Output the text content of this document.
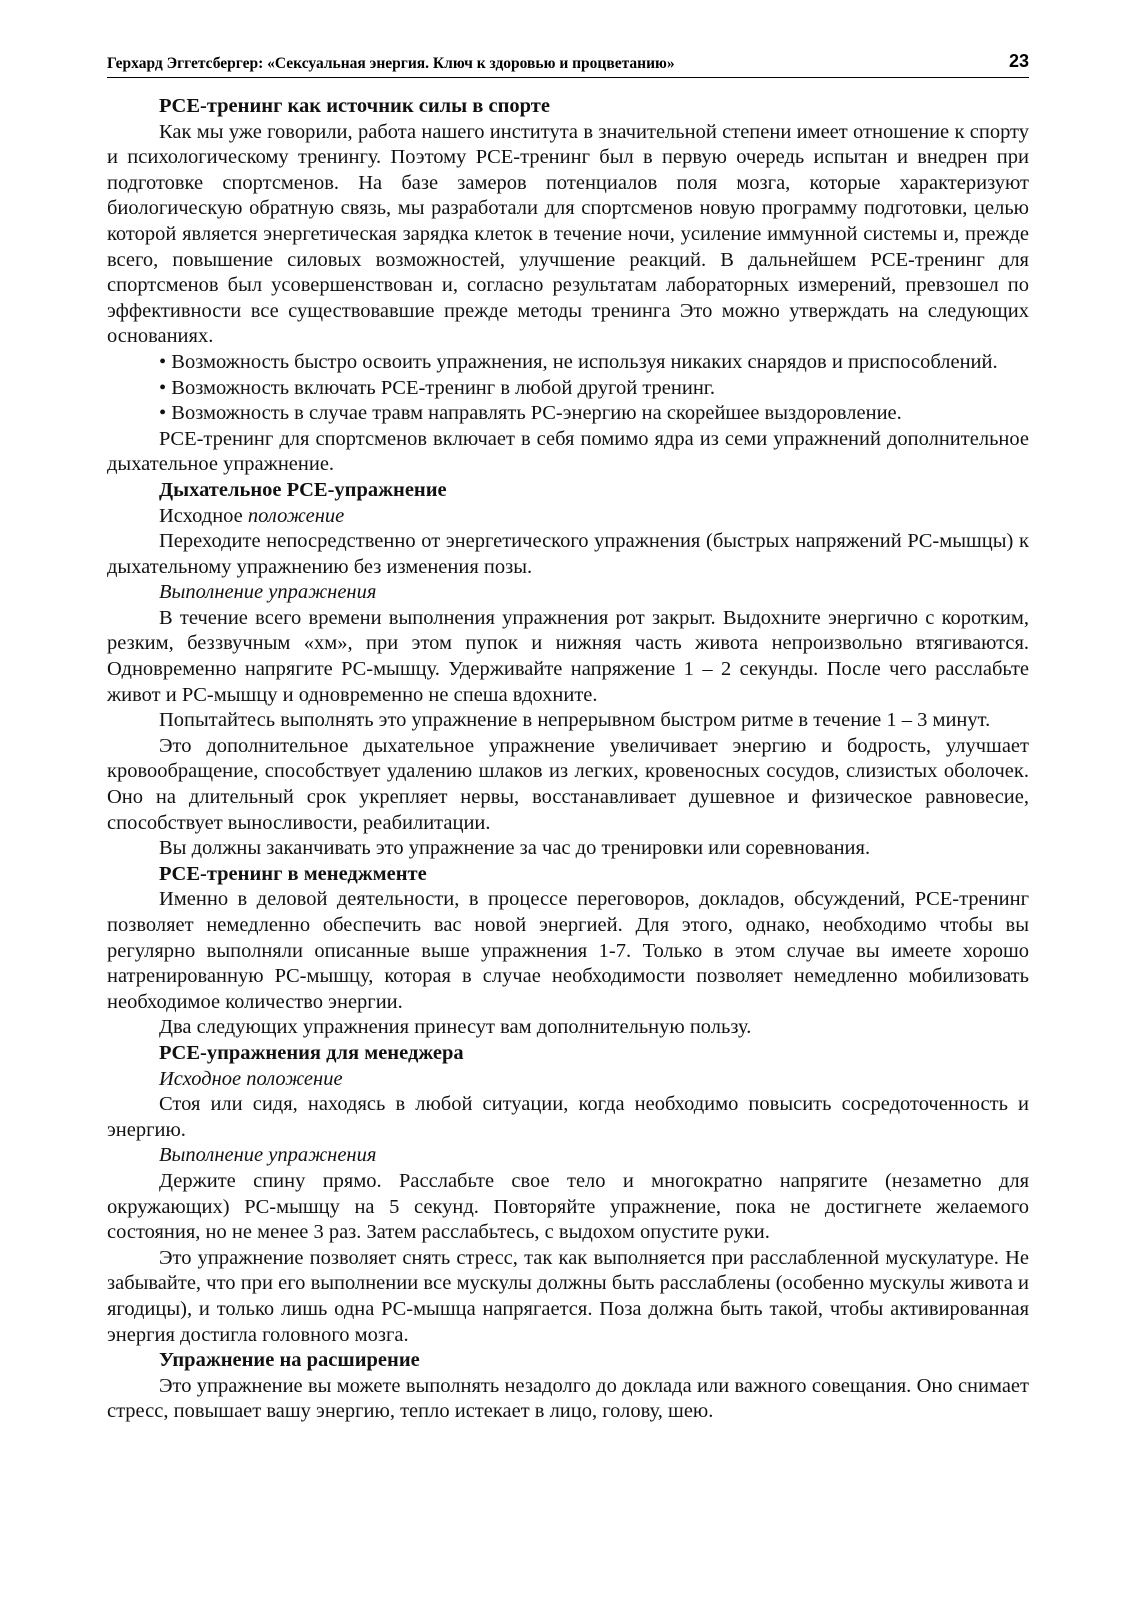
Герхард Эггетсбергер: «Сексуальная энергия. Ключ к здоровью и процветанию»	23
PCE-тренинг как источник силы в спорте

Как мы уже говорили, работа нашего института в значительной степени имеет отношение к спорту и психологическому тренингу. Поэтому PCE-тренинг был в первую очередь испытан и внедрен при подготовке спортсменов. На базе замеров потенциалов поля мозга, которые характеризуют биологическую обратную связь, мы разработали для спортсменов новую программу подготовки, целью которой является энергетическая зарядка клеток в течение ночи, усиление иммунной системы и, прежде всего, повышение силовых возможностей, улучшение реакций. В дальнейшем PCE-тренинг для спортсменов был усовершенствован и, согласно результатам лабораторных измерений, превзошел по эффективности все существовавшие прежде методы тренинга Это можно утверждать на следующих основаниях.

• Возможность быстро освоить упражнения, не используя никаких снарядов и приспособлений.

• Возможность включать PCE-тренинг в любой другой тренинг.

• Возможность в случае травм направлять PC-энергию на скорейшее выздоровление.

PCE-тренинг для спортсменов включает в себя помимо ядра из семи упражнений дополнительное дыхательное упражнение.

Дыхательное PCE-упражнение
Исходное положение

Переходите непосредственно от энергетического упражнения (быстрых напряжений PC-мышцы) к дыхательному упражнению без изменения позы.

Выполнение упражнения

В течение всего времени выполнения упражнения рот закрыт. Выдохните энергично с коротким, резким, беззвучным «хм», при этом пупок и нижняя часть живота непроизвольно втягиваются. Одновременно напрягите PC-мышцу. Удерживайте напряжение 1 – 2 секунды. После чего расслабьте живот и PC-мышцу и одновременно не спеша вдохните.

Попытайтесь выполнять это упражнение в непрерывном быстром ритме в течение 1 – 3 минут.

Это дополнительное дыхательное упражнение увеличивает энергию и бодрость, улучшает кровообращение, способствует удалению шлаков из легких, кровеносных сосудов, слизистых оболочек. Оно на длительный срок укрепляет нервы, восстанавливает душевное и физическое равновесие, способствует выносливости, реабилитации.

Вы должны заканчивать это упражнение за час до тренировки или соревнования.

PCE-тренинг в менеджменте

Именно в деловой деятельности, в процессе переговоров, докладов, обсуждений, PCE-тренинг позволяет немедленно обеспечить вас новой энергией. Для этого, однако, необходимо чтобы вы регулярно выполняли описанные выше упражнения 1-7. Только в этом случае вы имеете хорошо натренированную PC-мышцу, которая в случае необходимости позволяет немедленно мобилизовать необходимое количество энергии.

Два следующих упражнения принесут вам дополнительную пользу.

PCE-упражнения для менеджера
Исходное положение

Стоя или сидя, находясь в любой ситуации, когда необходимо повысить сосредоточенность и энергию.

Выполнение упражнения

Держите спину прямо. Расслабьте свое тело и многократно напрягите (незаметно для окружающих) PC-мышцу на 5 секунд. Повторяйте упражнение, пока не достигнете желаемого состояния, но не менее 3 раз. Затем расслабьтесь, с выдохом опустите руки.

Это упражнение позволяет снять стресс, так как выполняется при расслабленной мускулатуре. Не забывайте, что при его выполнении все мускулы должны быть расслаблены (особенно мускулы живота и ягодицы), и только лишь одна PC-мышца напрягается. Поза должна быть такой, чтобы активированная энергия достигла головного мозга.

Упражнение на расширение

Это упражнение вы можете выполнять незадолго до доклада или важного совещания. Оно снимает стресс, повышает вашу энергию, тепло истекает в лицо, голову, шею.
